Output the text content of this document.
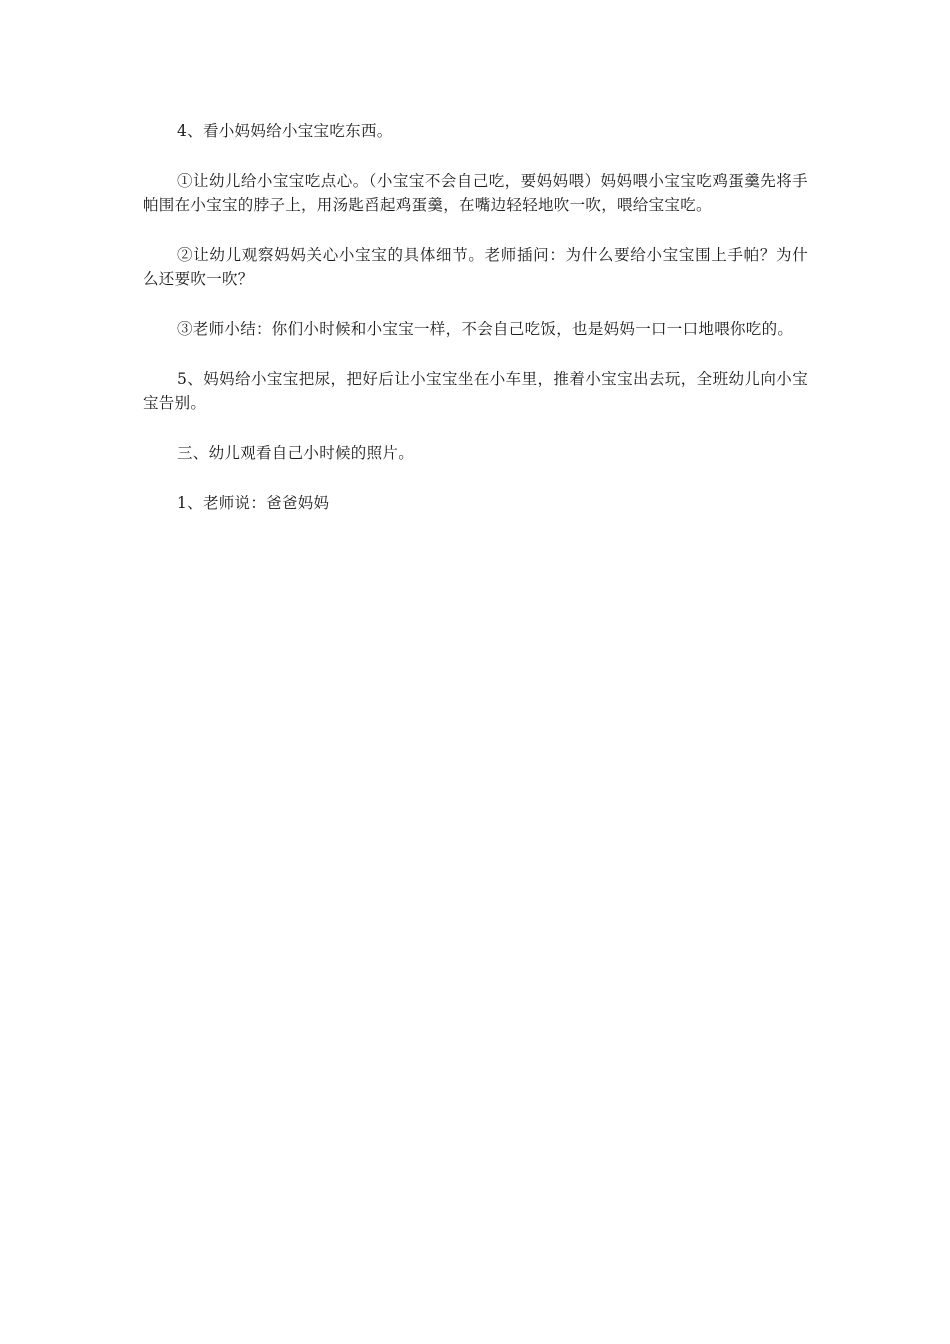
4、看小妈妈给小宝宝吃东西。

①让幼儿给小宝宝吃点心。（小宝宝不会自己吃，要妈妈喂）妈妈喂小宝宝吃鸡蛋羹先将手帕围在小宝宝的脖子上，用汤匙舀起鸡蛋羹，在嘴边轻轻地吹一吹，喂给宝宝吃。

②让幼儿观察妈妈关心小宝宝的具体细节。老师插问：为什么要给小宝宝围上手帕？为什么还要吹一吹？

③老师小结：你们小时候和小宝宝一样，不会自己吃饭，也是妈妈一口一口地喂你吃的。

5、妈妈给小宝宝把尿，把好后让小宝宝坐在小车里，推着小宝宝出去玩，全班幼儿向小宝宝告别。

三、幼儿观看自己小时候的照片。

1、老师说：爸爸妈妈
